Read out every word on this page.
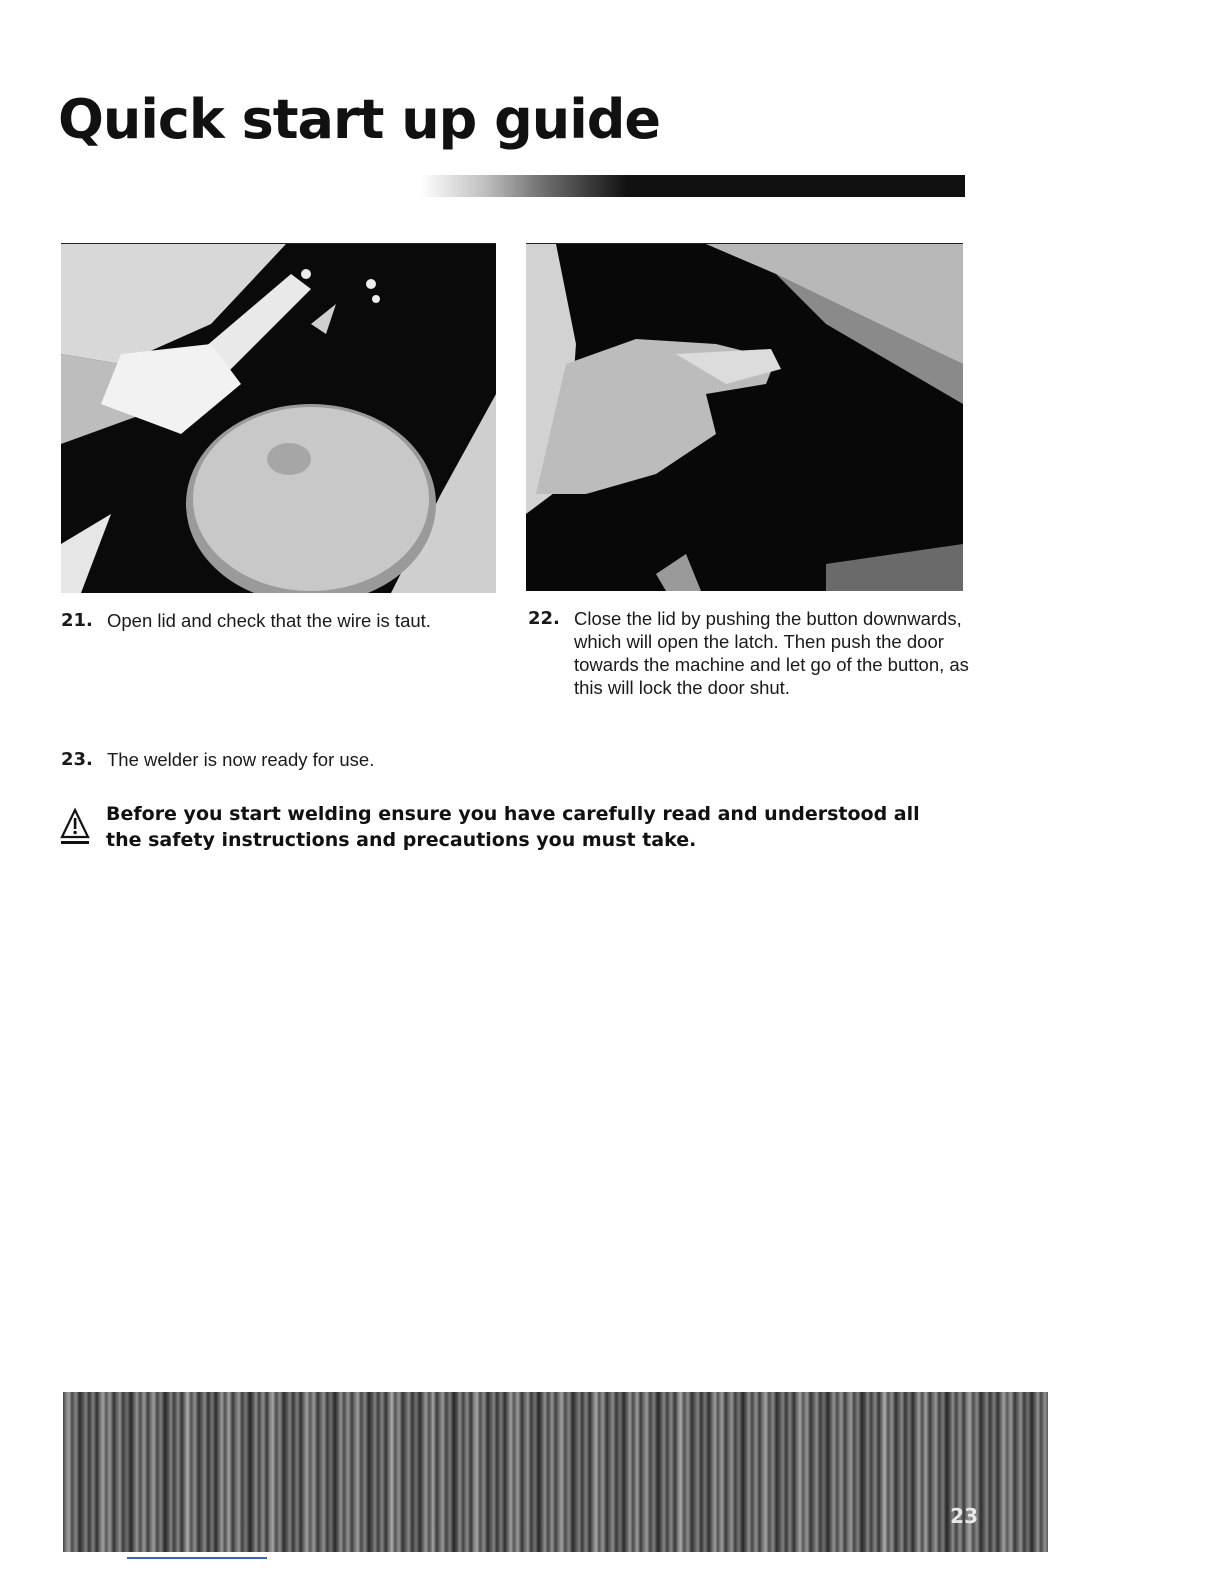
Quick start up guide
21. Open lid and check that the wire is taut.	22. Close the lid by pushing the button downwards, which will open the latch. Then push the door towards the machine and let go of the button, as this will lock the door shut.
23. The welder is now ready for use.
Before you start welding ensure you have carefully read and understood all the safety instructions and precautions you must take.
23
